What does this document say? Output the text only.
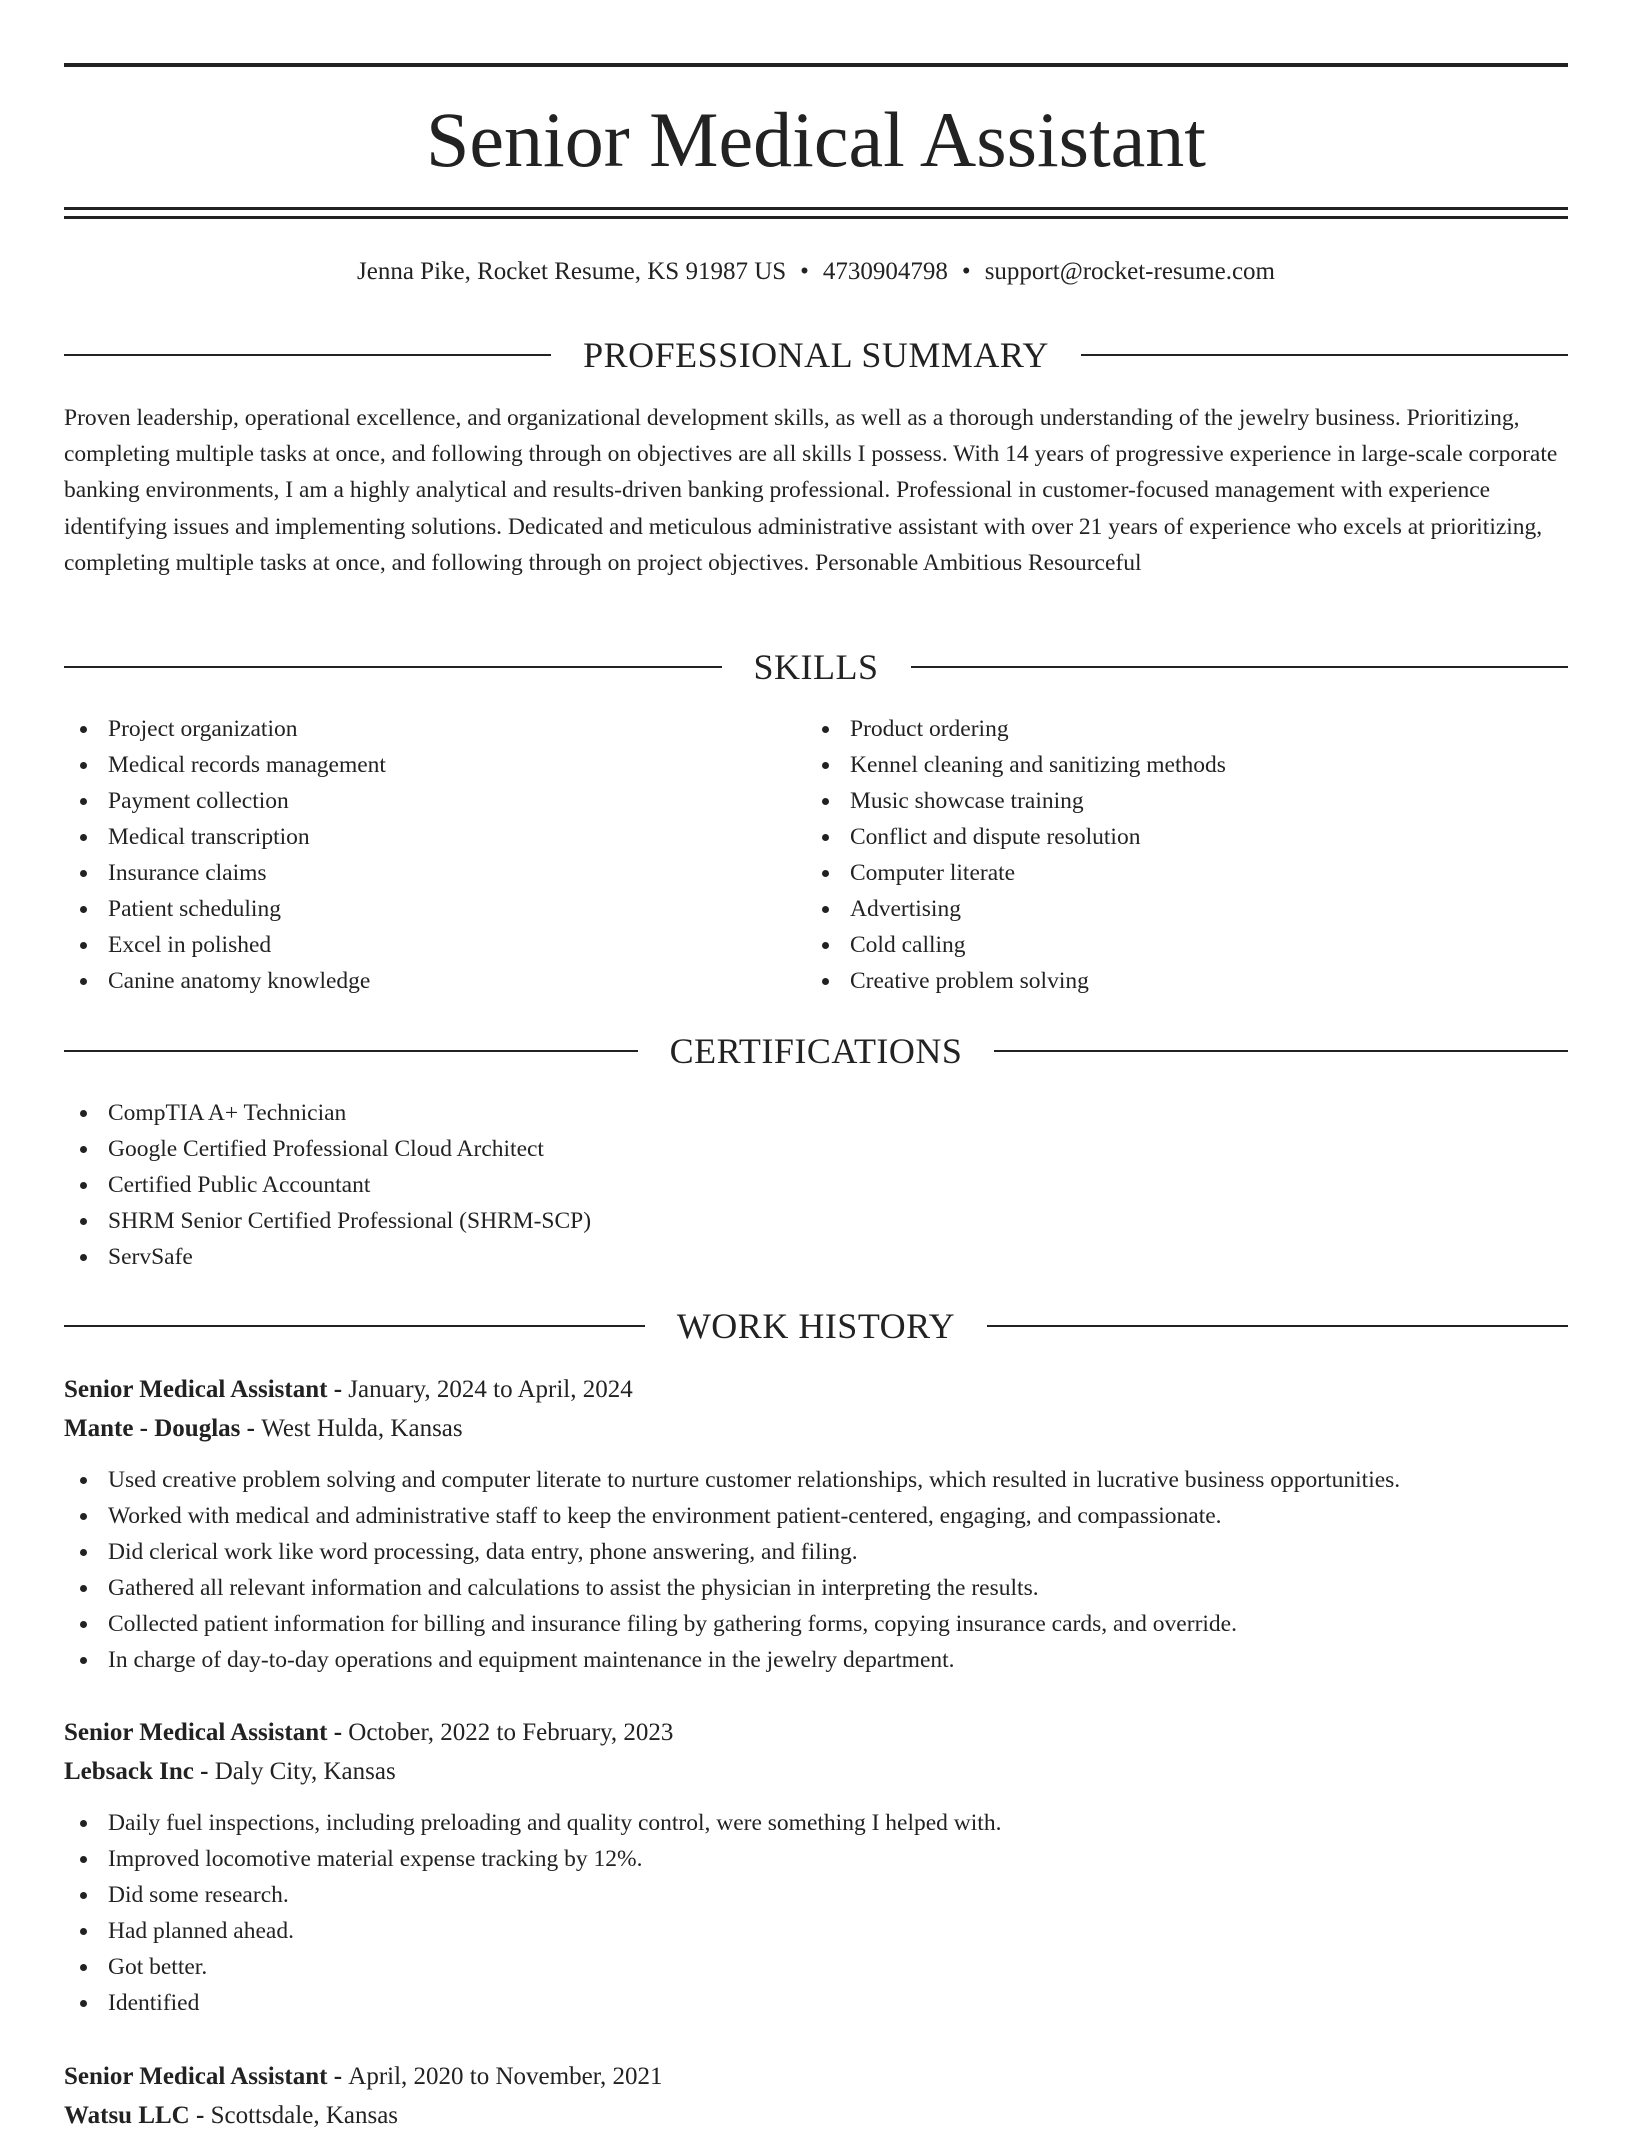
Senior Medical Assistant
Jenna Pike, Rocket Resume, KS 91987 US • 4730904798 • support@rocket-resume.com
PROFESSIONAL SUMMARY

Proven leadership, operational excellence, and organizational development skills, as well as a thorough understanding of the jewelry business. Prioritizing, completing multiple tasks at once, and following through on objectives are all skills I possess. With 14 years of progressive experience in large-scale corporate banking environments, I am a highly analytical and results-driven banking professional. Professional in customer-focused management with experience identifying issues and implementing solutions. Dedicated and meticulous administrative assistant with over 21 years of experience who excels at prioritizing, completing multiple tasks at once, and following through on project objectives. Personable Ambitious Resourceful

SKILLS
Project organization
Medical records management
Payment collection
Medical transcription
Insurance claims
Patient scheduling
Excel in polished
Canine anatomy knowledge
Product ordering
Kennel cleaning and sanitizing methods
Music showcase training
Conflict and dispute resolution
Computer literate
Advertising
Cold calling
Creative problem solving
CERTIFICATIONS
CompTIA A+ Technician
Google Certified Professional Cloud Architect
Certified Public Accountant
SHRM Senior Certified Professional (SHRM-SCP)
ServSafe
WORK HISTORY
Senior Medical Assistant - January, 2024 to April, 2024
Mante - Douglas - West Hulda, Kansas
Used creative problem solving and computer literate to nurture customer relationships, which resulted in lucrative business opportunities.
Worked with medical and administrative staff to keep the environment patient-centered, engaging, and compassionate.
Did clerical work like word processing, data entry, phone answering, and filing.
Gathered all relevant information and calculations to assist the physician in interpreting the results.
Collected patient information for billing and insurance filing by gathering forms, copying insurance cards, and override.
In charge of day-to-day operations and equipment maintenance in the jewelry department.
Senior Medical Assistant - October, 2022 to February, 2023
Lebsack Inc - Daly City, Kansas
Daily fuel inspections, including preloading and quality control, were something I helped with.
Improved locomotive material expense tracking by 12%.
Did some research.
Had planned ahead.
Got better.
Identified
Senior Medical Assistant - April, 2020 to November, 2021
Watsu LLC - Scottsdale, Kansas
